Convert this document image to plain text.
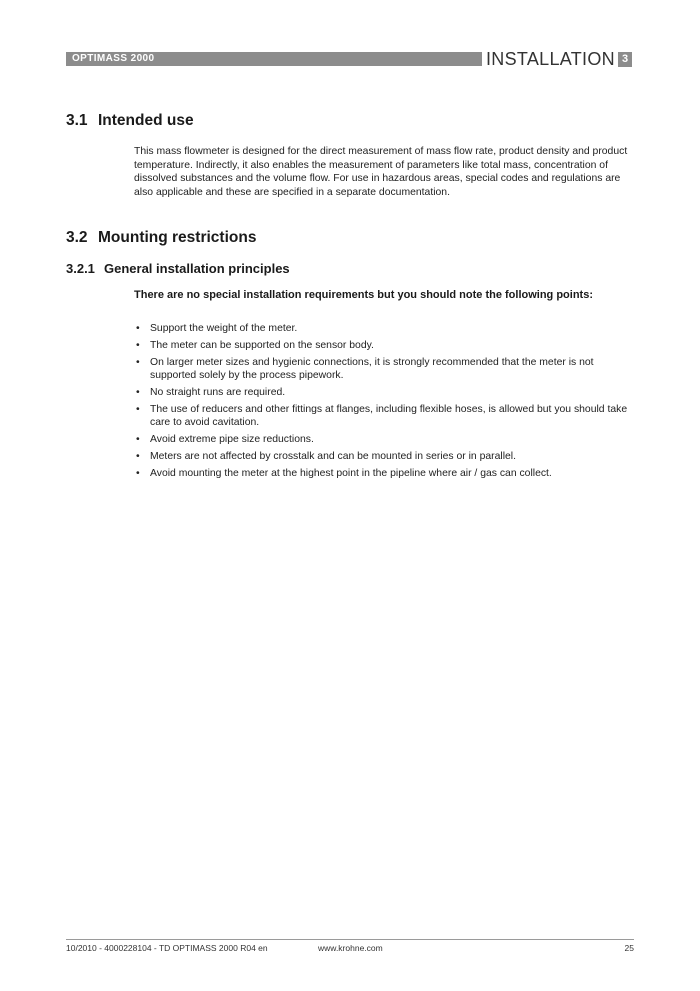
OPTIMASS 2000	INSTALLATION 3
3.1 Intended use

This mass flowmeter is designed for the direct measurement of mass flow rate, product density and product temperature. Indirectly, it also enables the measurement of parameters like total mass, concentration of dissolved substances and the volume flow. For use in hazardous areas, special codes and regulations are also applicable and these are specified in a separate documentation.

3.2 Mounting restrictions
3.2.1 General installation principles

There are no special installation requirements but you should note the following points:

• Support the weight of the meter.
• The meter can be supported on the sensor body.
• On larger meter sizes and hygienic connections, it is strongly recommended that the meter is not supported solely by the process pipework.
• No straight runs are required.
• The use of reducers and other fittings at flanges, including flexible hoses, is allowed but you should take care to avoid cavitation.
• Avoid extreme pipe size reductions.
• Meters are not affected by crosstalk and can be mounted in series or in parallel.
• Avoid mounting the meter at the highest point in the pipeline where air / gas can collect.
10/2010 - 4000228104 - TD OPTIMASS 2000 R04 en	www.krohne.com	25
